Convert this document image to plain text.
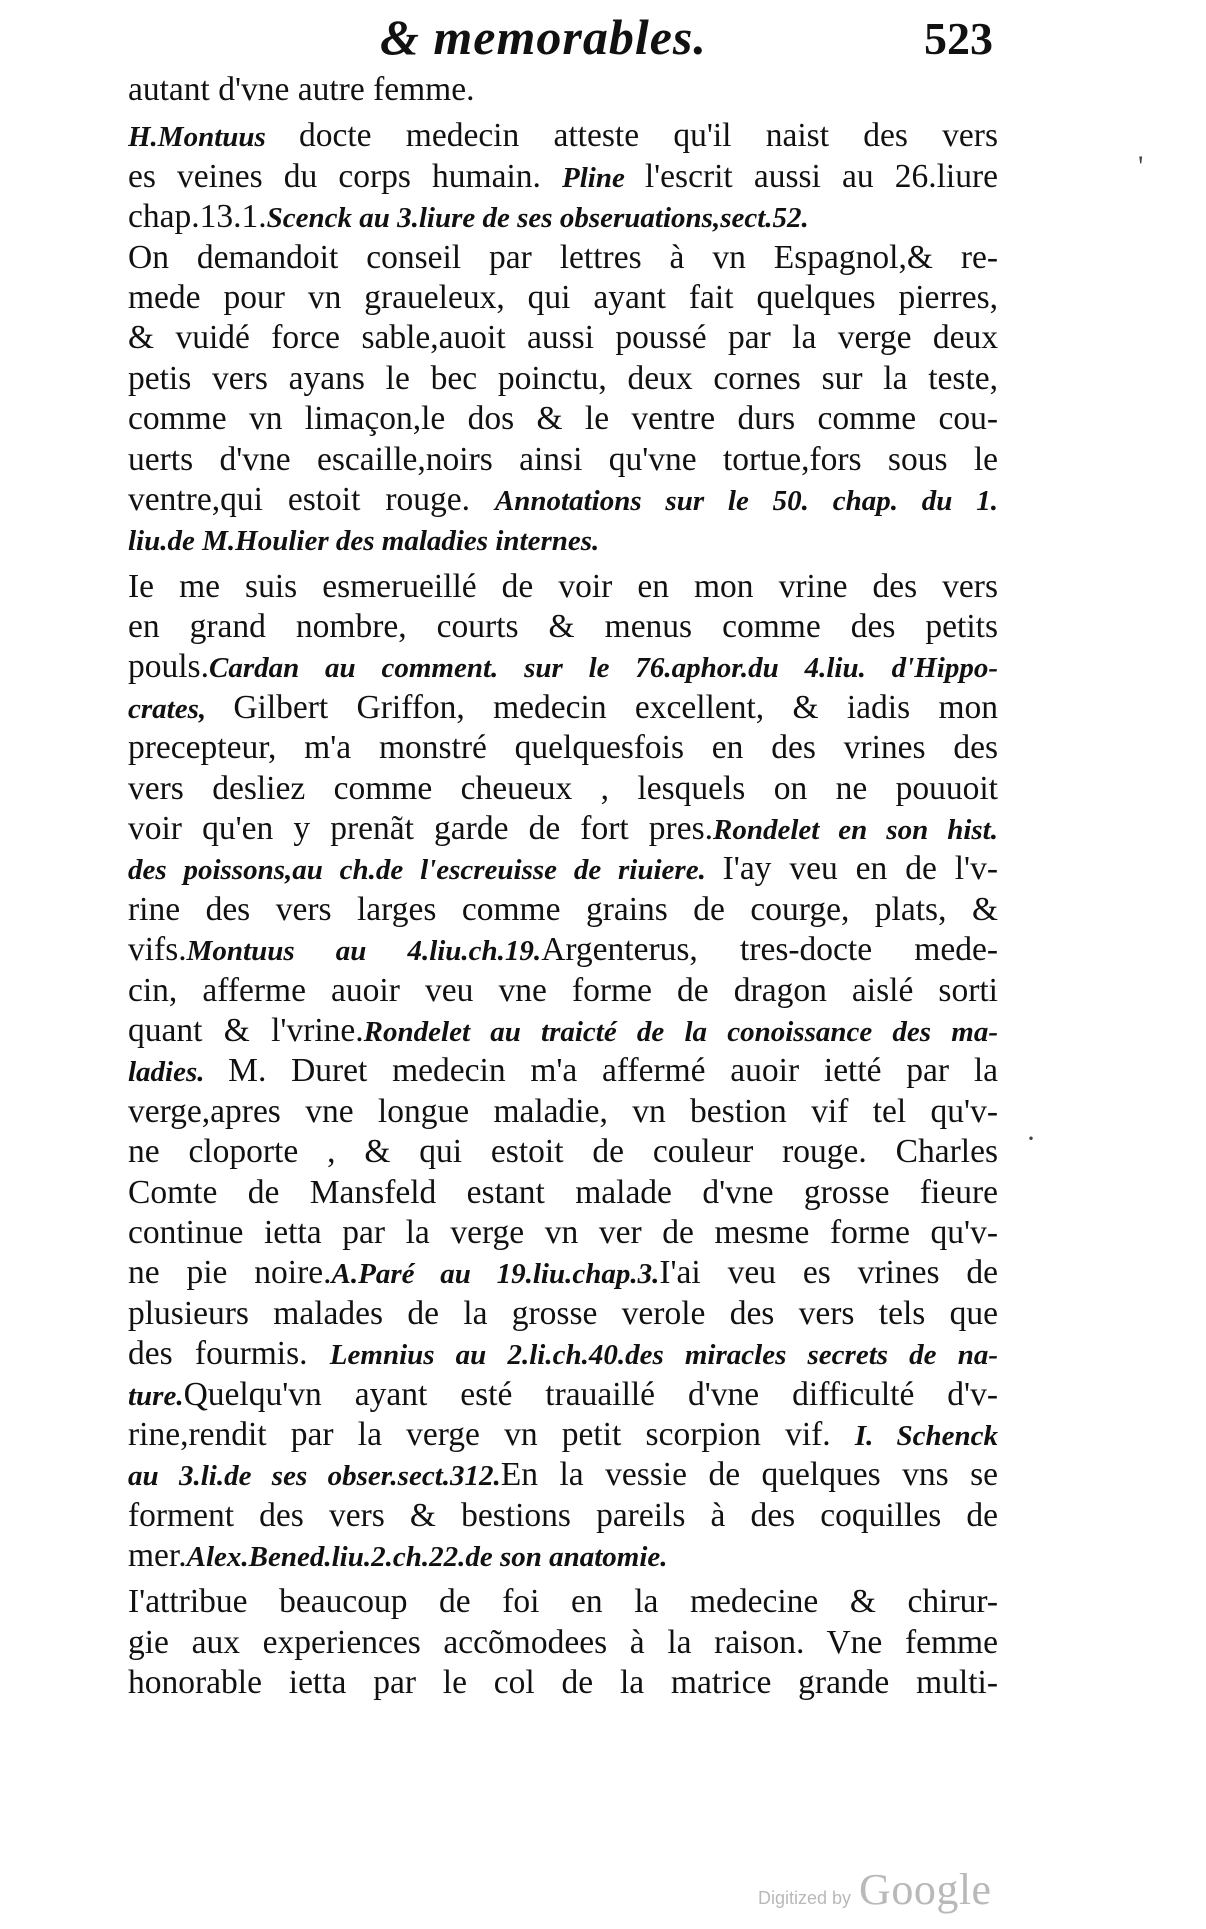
& memorables.	523
autant d'vne autre femme.
H.Montuus docte medecin atteste qu'il naist des vers
es veines du corps humain. Pline l'escrit aussi au 26.liure
chap.13.1.Scenck au 3.liure de ses obseruations,sect.52.
On demandoit conseil par lettres à vn Espagnol,& re-
mede pour vn graueleux, qui ayant fait quelques pierres,
& vuidé force sable,auoit aussi poussé par la verge deux
petis vers ayans le bec poinctu, deux cornes sur la teste,
comme vn limaçon,le dos & le ventre durs comme cou-
uerts d'vne escaille,noirs ainsi qu'vne tortue,fors sous le
ventre,qui estoit rouge. Annotations sur le 50. chap. du 1.
liu.de M.Houlier des maladies internes.
Ie me suis esmerueillé de voir en mon vrine des vers
en grand nombre, courts & menus comme des petits
pouls.Cardan au comment. sur le 76.aphor.du 4.liu. d'Hippo-
crates, Gilbert Griffon, medecin excellent, & iadis mon
precepteur, m'a monstré quelquesfois en des vrines des
vers desliez comme cheueux , lesquels on ne pouuoit
voir qu'en y prenãt garde de fort pres.Rondelet en son hist.
des poissons,au ch.de l'escreuisse de riuiere. I'ay veu en de l'v-
rine des vers larges comme grains de courge, plats, &
vifs.Montuus au 4.liu.ch.19.Argenterus, tres-docte mede-
cin, afferme auoir veu vne forme de dragon aislé sorti
quant & l'vrine.Rondelet au traicté de la conoissance des ma-
ladies. M. Duret medecin m'a affermé auoir ietté par la
verge,apres vne longue maladie, vn bestion vif tel qu'v-
ne cloporte , & qui estoit de couleur rouge. Charles
Comte de Mansfeld estant malade d'vne grosse fieure
continue ietta par la verge vn ver de mesme forme qu'v-
ne pie noire.A.Paré au 19.liu.chap.3.I'ai veu es vrines de
plusieurs malades de la grosse verole des vers tels que
des fourmis. Lemnius au 2.li.ch.40.des miracles secrets de na-
ture.Quelqu'vn ayant esté trauaillé d'vne difficulté d'v-
rine,rendit par la verge vn petit scorpion vif. I. Schenck
au 3.li.de ses obser.sect.312.En la vessie de quelques vns se
forment des vers & bestions pareils à des coquilles de
mer.Alex.Bened.liu.2.ch.22.de son anatomie.
I'attribue beaucoup de foi en la medecine & chirur-
gie aux experiences accõmodees à la raison. Vne femme
honorable ietta par le col de la matrice grande multi-
'
·
Digitized by Google
